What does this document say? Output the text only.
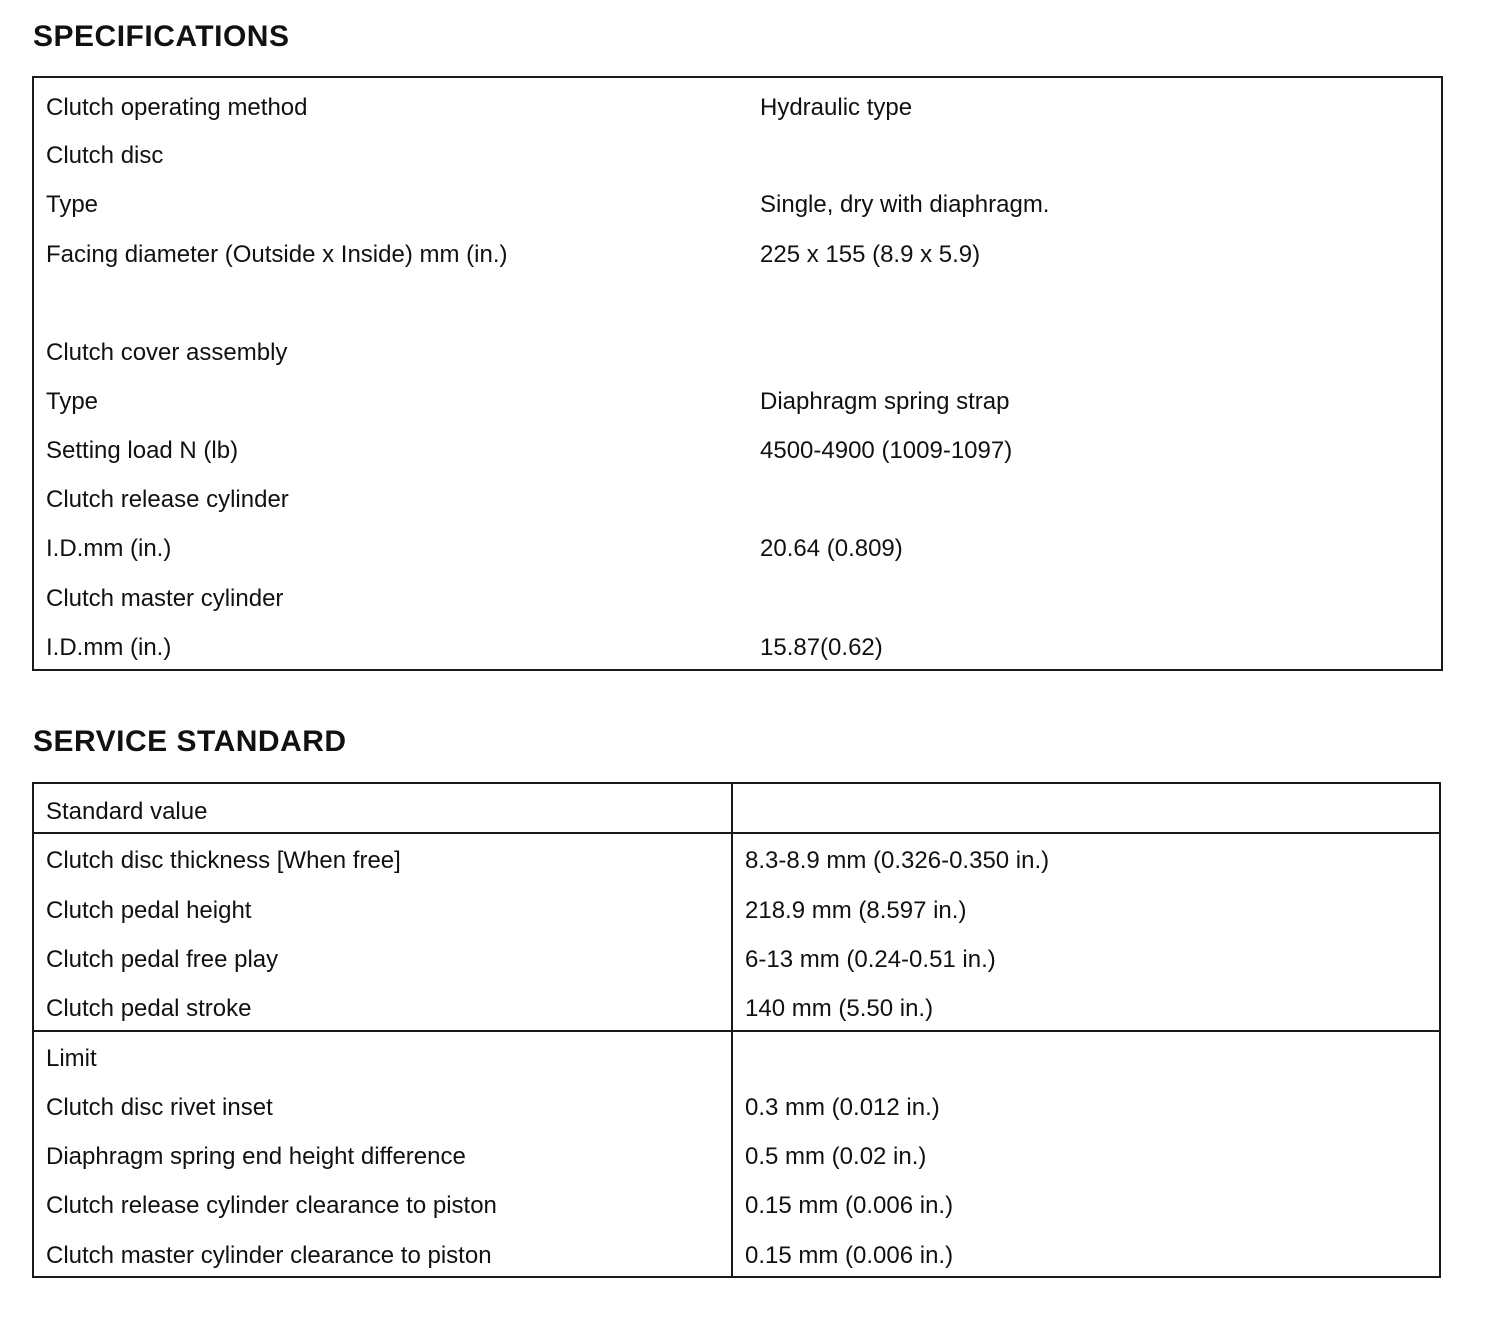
SPECIFICATIONS
Clutch operating method	Hydraulic type
Clutch disc
Type	Single, dry with diaphragm.
Facing diameter (Outside x Inside) mm (in.)	225 x 155 (8.9 x 5.9)
Clutch cover assembly
Type	Diaphragm spring strap
Setting load N (lb)	4500-4900 (1009-1097)
Clutch release cylinder
I.D.mm (in.)	20.64 (0.809)
Clutch master cylinder
I.D.mm (in.)	15.87(0.62)
SERVICE STANDARD
Standard value
Clutch disc thickness [When free]	8.3-8.9 mm (0.326-0.350 in.)
Clutch pedal height	218.9 mm (8.597 in.)
Clutch pedal free play	6-13 mm (0.24-0.51 in.)
Clutch pedal stroke	140 mm (5.50 in.)
Limit
Clutch disc rivet inset	0.3 mm (0.012 in.)
Diaphragm spring end height difference	0.5 mm (0.02 in.)
Clutch release cylinder clearance to piston	0.15 mm (0.006 in.)
Clutch master cylinder clearance to piston	0.15 mm (0.006 in.)
